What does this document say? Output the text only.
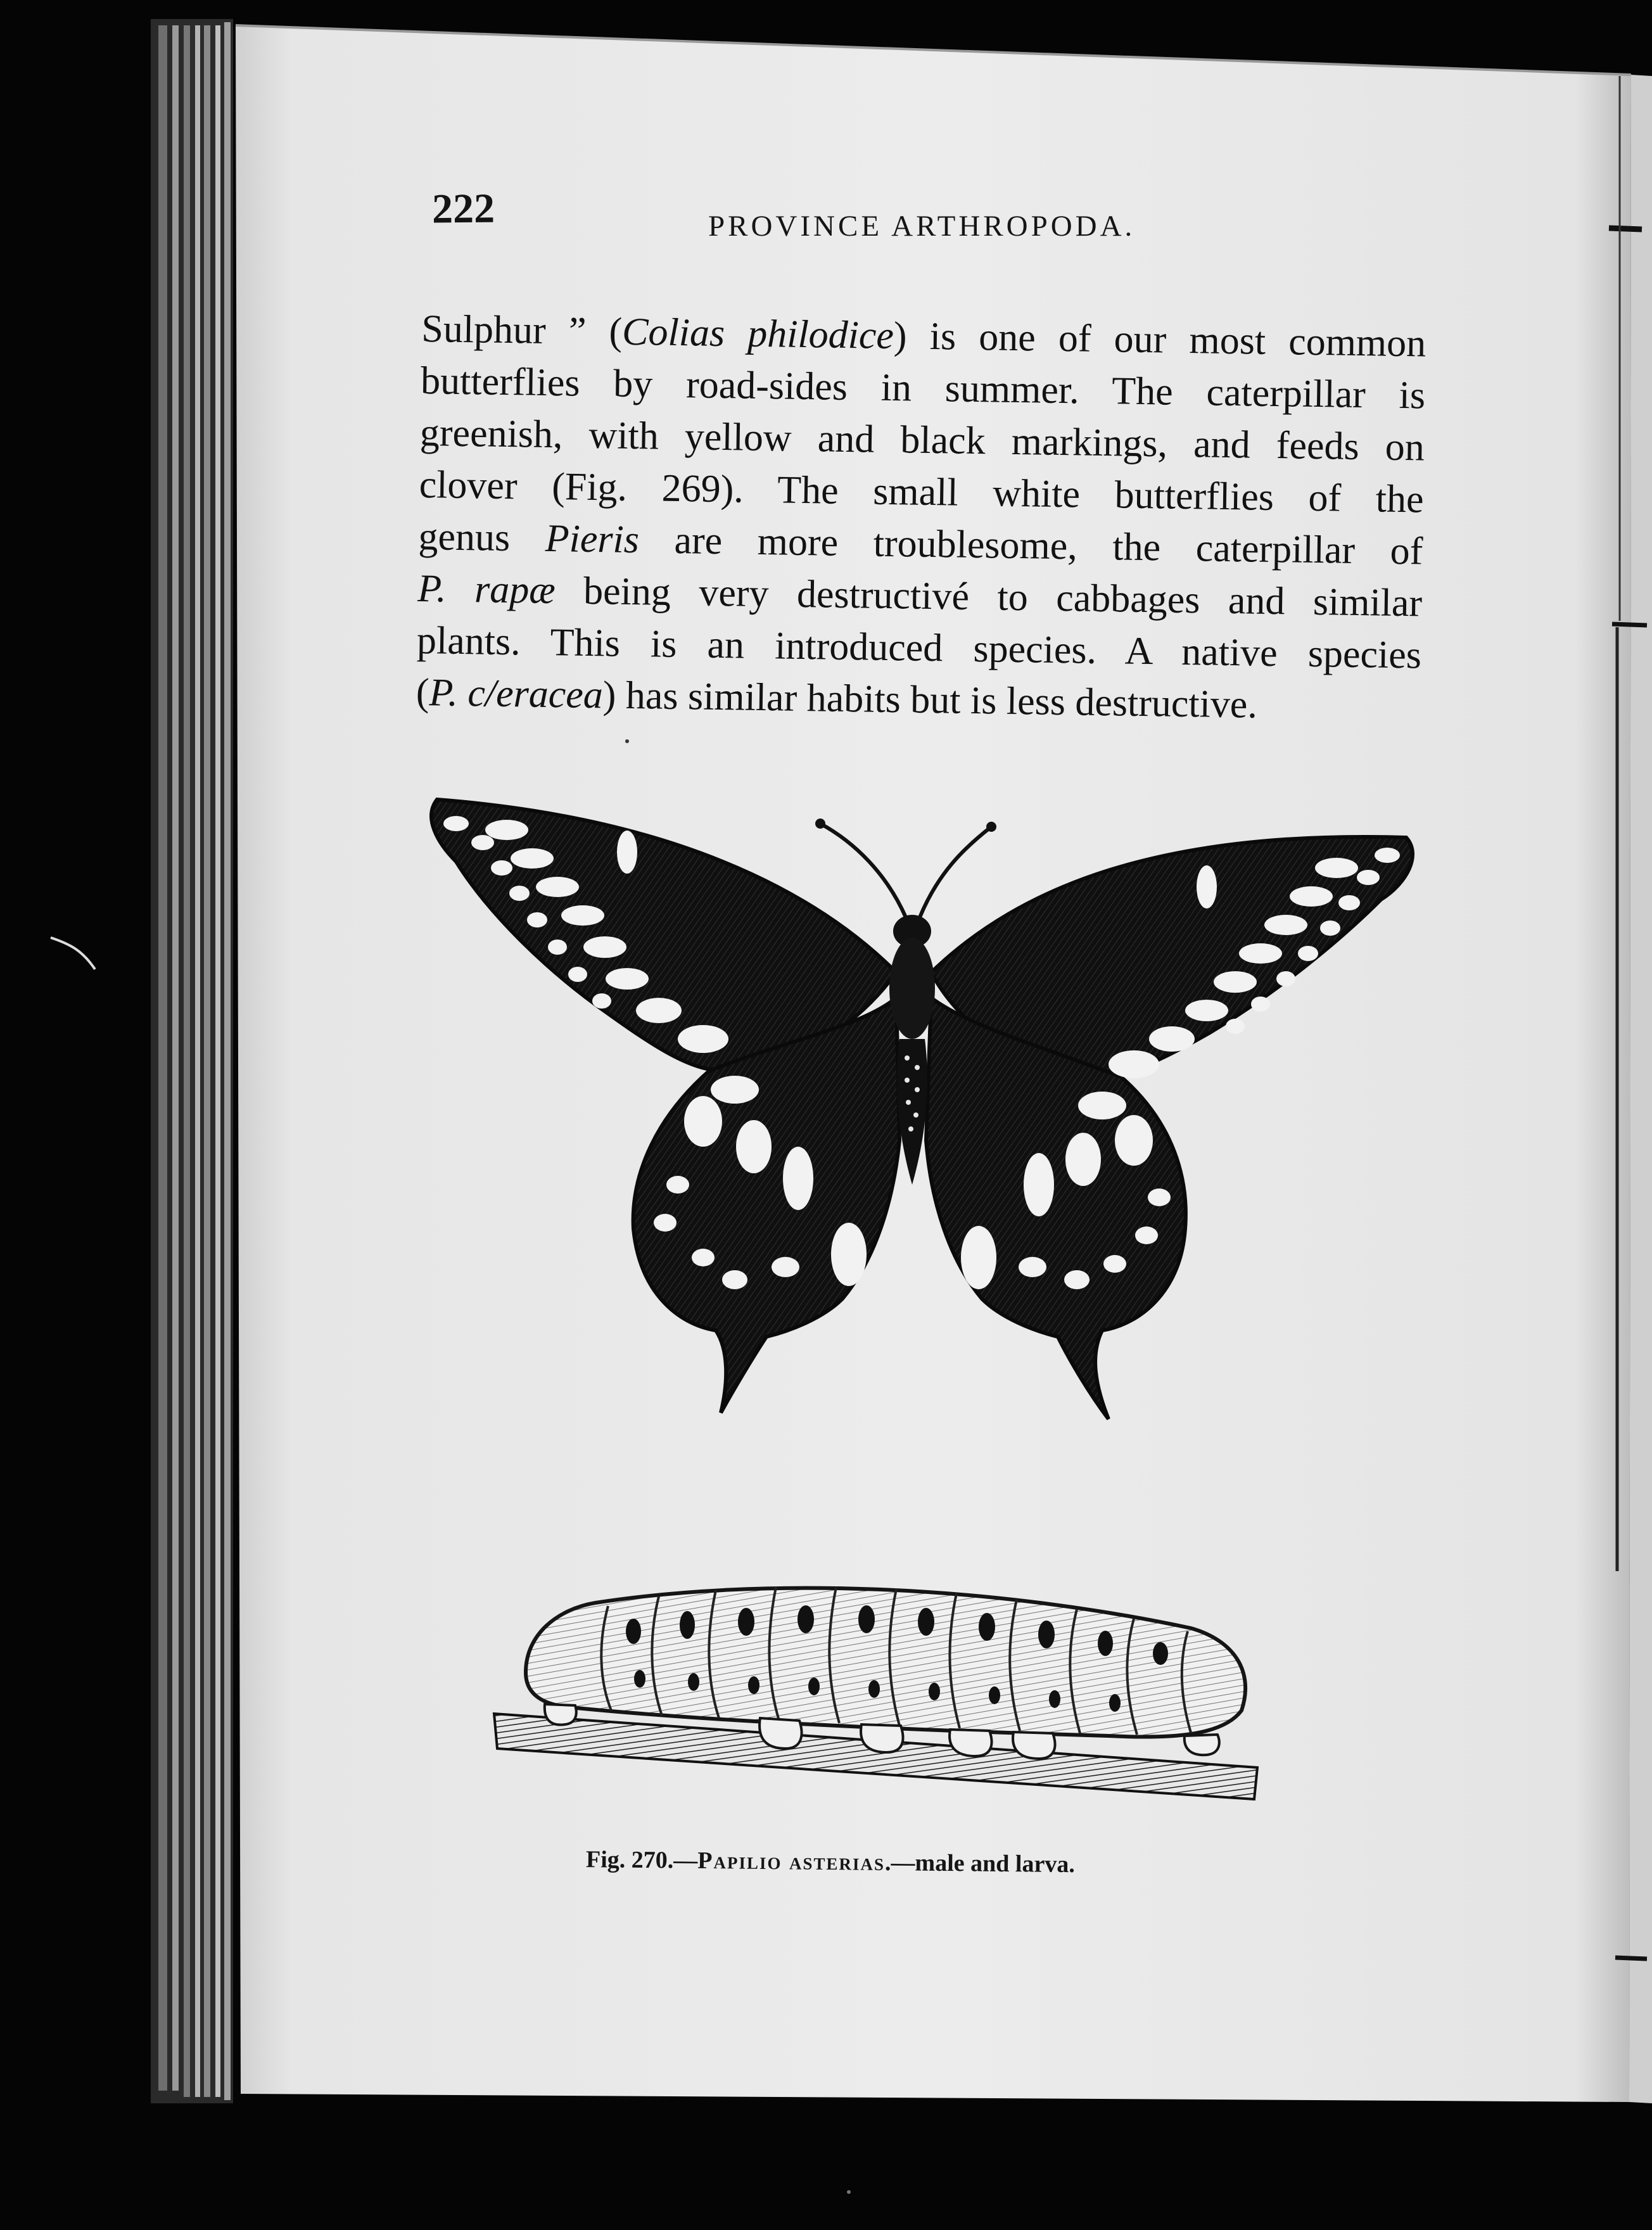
222	PROVINCE ARTHROPODA.
Sulphur ” (Colias philodice) is one of our most common
butterflies by road-sides in summer. The caterpillar is
greenish, with yellow and black markings, and feeds on
clover (Fig. 269). The small white butterflies of the
genus Pieris are more troublesome, the caterpillar of
P. rapæ being very destructivé to cabbages and similar
plants. This is an introduced species. A native species
(P. c/eracea) has similar habits but is less destructive.
Fig. 270.—Papilio asterias.—male and larva.
